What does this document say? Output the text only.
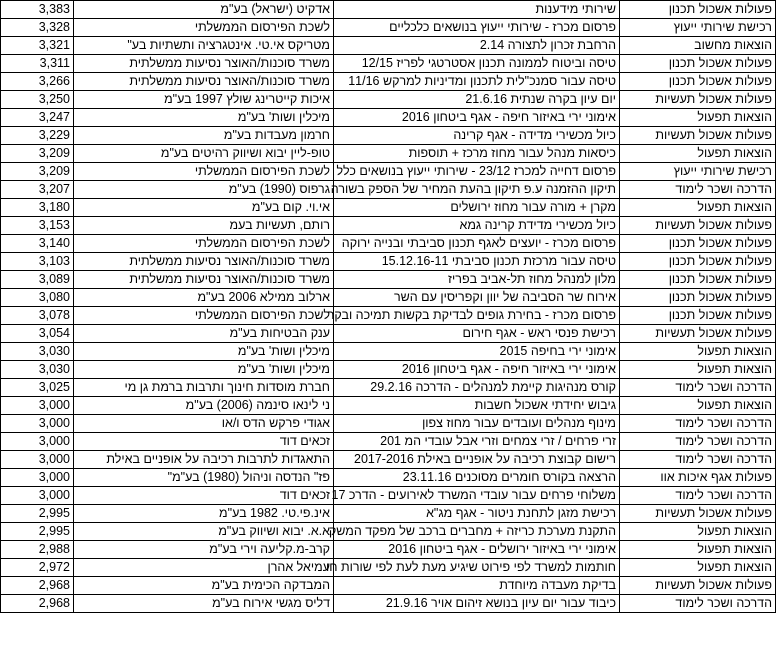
3,383	אדקיט (ישראל) בע"מ	שירותי מידענות	פעולות אשכול תכנון
3,328	לשכת הפירסום הממשלתי	פרסום מכרז - שירותי ייעוץ בנושאים כלכליים	רכישת שירותי ייעוץ
3,321	מטריקס אי.טי. אינטגרציה ותשתיות בע"	הרחבת זכרון לתצורה 2.14	הוצאות מחשוב
3,311	משרד סוכנות/האוצר נסיעות ממשלתית	טיסה וביטוח לממונה תכנון אסטרטגי לפריז 12/15	פעולות אשכול תכנון
3,266	משרד סוכנות/האוצר נסיעות ממשלתית	טיסה עבור סמנכ"לית לתכנון ומדיניות למרקש 11/16	פעולות אשכול תכנון
3,250	איכות קייטרינג שולץ 1997 בע"מ	יום עיון בקרה שנתית 21.6.16	פעולות אשכול תעשיות
3,247	מיכלין ושות' בע"מ	אימוני ירי באיזור חיפה - אגף ביטחון 2016	הוצאות תפעול
3,229	חרמון מעבדות בע"מ	כיול מכשירי מדידה - אגף קרינה	פעולות אשכול תעשיות
3,209	טופ-ליין יבוא ושיווק רהיטים בע"מ	כיסאות מנהל עבור מחוז מרכז + תוספות	הוצאות תפעול
3,209	לשכת הפירסום הממשלתי	פרסום דחייה למכרז 23/12 - שירותי ייעוץ בנושאים כלל	רכישת שירותי ייעוץ
3,207	גרפוס (1990) בע"מ	תיקון ההזמנה ע.פ תיקון בהעת המחיר של הספק בשורה	הדרכה ושכר לימוד
3,180	אי.וי. קום בע"מ	מקרן + מורה עבור מחוז ירושלים	הוצאות תפעול
3,153	רותם, תעשיות בעמ	כיול מכשירי מדידת קרינה גמא	פעולות אשכול תעשיות
3,140	לשכת הפירסום הממשלתי	פרסום מכרז - יועצים לאגף תכנון סביבתי ובנייה ירוקה	פעולות אשכול תכנון
3,103	משרד סוכנות/האוצר נסיעות ממשלתית	טיסה עבור מרכזת תכנון סביבתי 15.12.16-11	פעולות אשכול תכנון
3,089	משרד סוכנות/האוצר נסיעות ממשלתית	מלון למנהל מחוז תל-אביב בפריז	פעולות אשכול תכנון
3,080	ארלוב ממילא 2006 בע"מ	אירוח שר הסביבה של יוון וקפריסין עם השר	פעולות אשכול תכנון
3,078	לשכת הפירסום הממשלתי	פרסום מכרז - בחירת גופים לבדיקת בקשות תמיכה ובקר	פעולות אשכול תכנון
3,054	ענק הבטיחות בע"מ	רכישת פנסי ראש - אגף חירום	פעולות אשכול תעשיות
3,030	מיכלין ושות' בע"מ	אימוני ירי בחיפה 2015	הוצאות תפעול
3,030	מיכלין ושות' בע"מ	אימוני ירי באיזור חיפה - אגף ביטחון 2016	הוצאות תפעול
3,025	חברת מוסדות חינוך ותרבות ברמת גן מי	קורס מנהיגות קיימת למנהלים - הדרכה 29.2.16	הדרכה ושכר לימוד
3,000	ני לינאו סינמה (2006) בע"מ	גיבוש יחידתי אשכול חשבות	הוצאות תפעול
3,000	אגודי פרקש הדס ו/או	מינוף מנהלים ועובדים עבור מחוז צפון	הדרכה ושכר לימוד
3,000	זכאים דוד	זרי פרחים / זרי צמחים וזרי אבל עובדי המ 201	הדרכה ושכר לימוד
3,000	התאגדות לתרבות רכיבה על אופניים באילת	רישום קבוצת רכיבה על אופניים באילת 2017-2016	הדרכה ושכר לימוד
3,000	פז" הנדסה וניהול (1980) בע"מ"	הרצאה בקורס חומרים מסוכנים 23.11.16	פעולות אגף איכות אוו
3,000	זכאים דוד	משלוחי פרחים עבור עובדי המשרד לאירועים - הדרכ 17	הדרכה ושכר לימוד
2,995	אינ.פי.טי. 1982 בע"מ	רכישת מזגן לתחנת ניטור - אגף מג"א	פעולות אשכול תעשיות
2,995	א.א. יבוא ושיווק בע"מ	התקנת מערכת כריזה + מחברים ברכב של מפקד המשק	הוצאות תפעול
2,988	קרב-מ.קליעה וירי בע"מ	אימוני ירי באיזור ירושלים - אגף ביטחון 2016	הוצאות תפעול
2,972	עמיאל אהרן	חותמות למשרד לפי פירוט שיגיע מעת לעת לפי שורות חו	הוצאות תפעול
2,968	המבדקה הכימית בע"מ	בדיקת מעבדה מיוחדת	פעולות אשכול תעשיות
2,968	דליס מגשי אירוח בע"מ	כיבוד עבור יום עיון בנושא זיהום אויר 21.9.16	הדרכה ושכר לימוד
